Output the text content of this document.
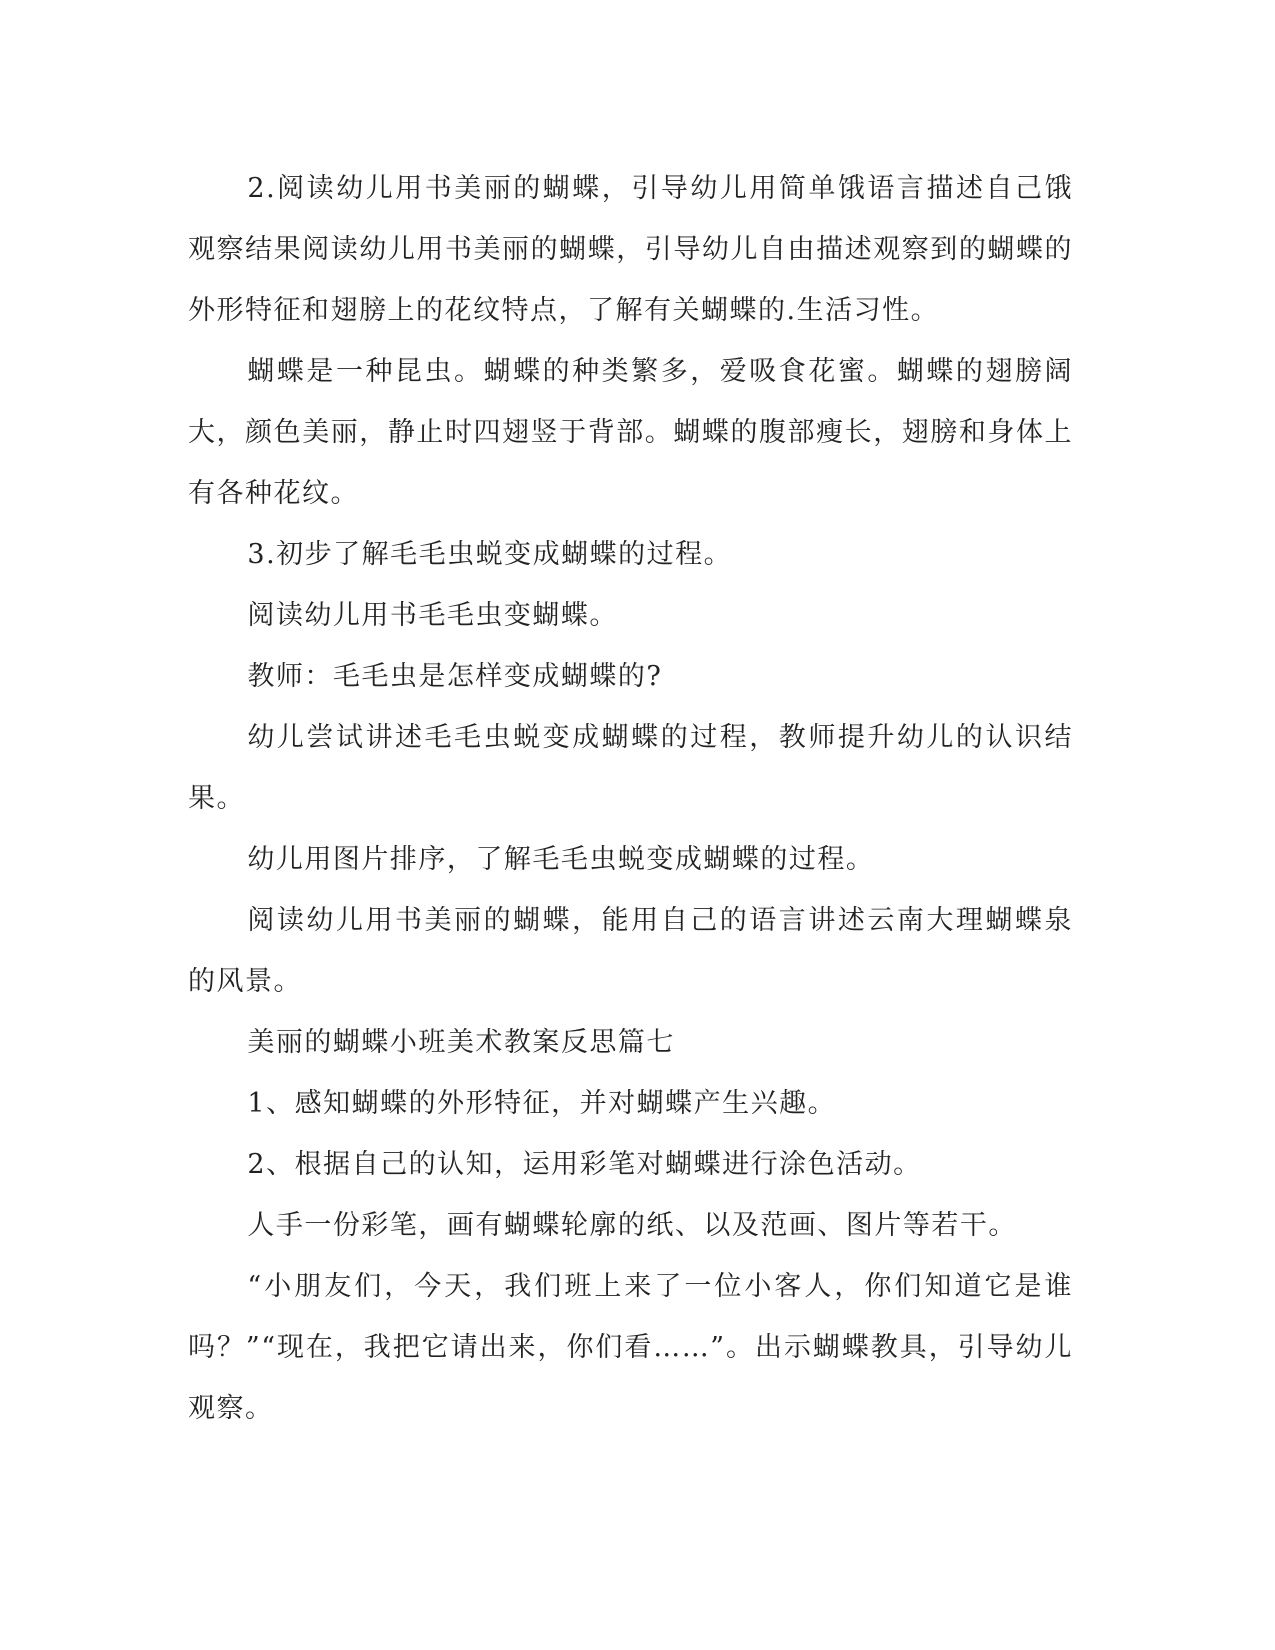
2.阅读幼儿用书美丽的蝴蝶，引导幼儿用简单饿语言描述自己饿观察结果阅读幼儿用书美丽的蝴蝶，引导幼儿自由描述观察到的蝴蝶的外形特征和翅膀上的花纹特点，了解有关蝴蝶的.生活习性。

蝴蝶是一种昆虫。蝴蝶的种类繁多，爱吸食花蜜。蝴蝶的翅膀阔大，颜色美丽，静止时四翅竖于背部。蝴蝶的腹部瘦长，翅膀和身体上有各种花纹。

3.初步了解毛毛虫蜕变成蝴蝶的过程。

阅读幼儿用书毛毛虫变蝴蝶。

教师：毛毛虫是怎样变成蝴蝶的?

幼儿尝试讲述毛毛虫蜕变成蝴蝶的过程，教师提升幼儿的认识结果。

幼儿用图片排序，了解毛毛虫蜕变成蝴蝶的过程。

阅读幼儿用书美丽的蝴蝶，能用自己的语言讲述云南大理蝴蝶泉的风景。

美丽的蝴蝶小班美术教案反思篇七

1、感知蝴蝶的外形特征，并对蝴蝶产生兴趣。

2、根据自己的认知，运用彩笔对蝴蝶进行涂色活动。

人手一份彩笔，画有蝴蝶轮廓的纸、以及范画、图片等若干。

“小朋友们，今天，我们班上来了一位小客人，你们知道它是谁吗？”“现在，我把它请出来，你们看……”。出示蝴蝶教具，引导幼儿观察。
